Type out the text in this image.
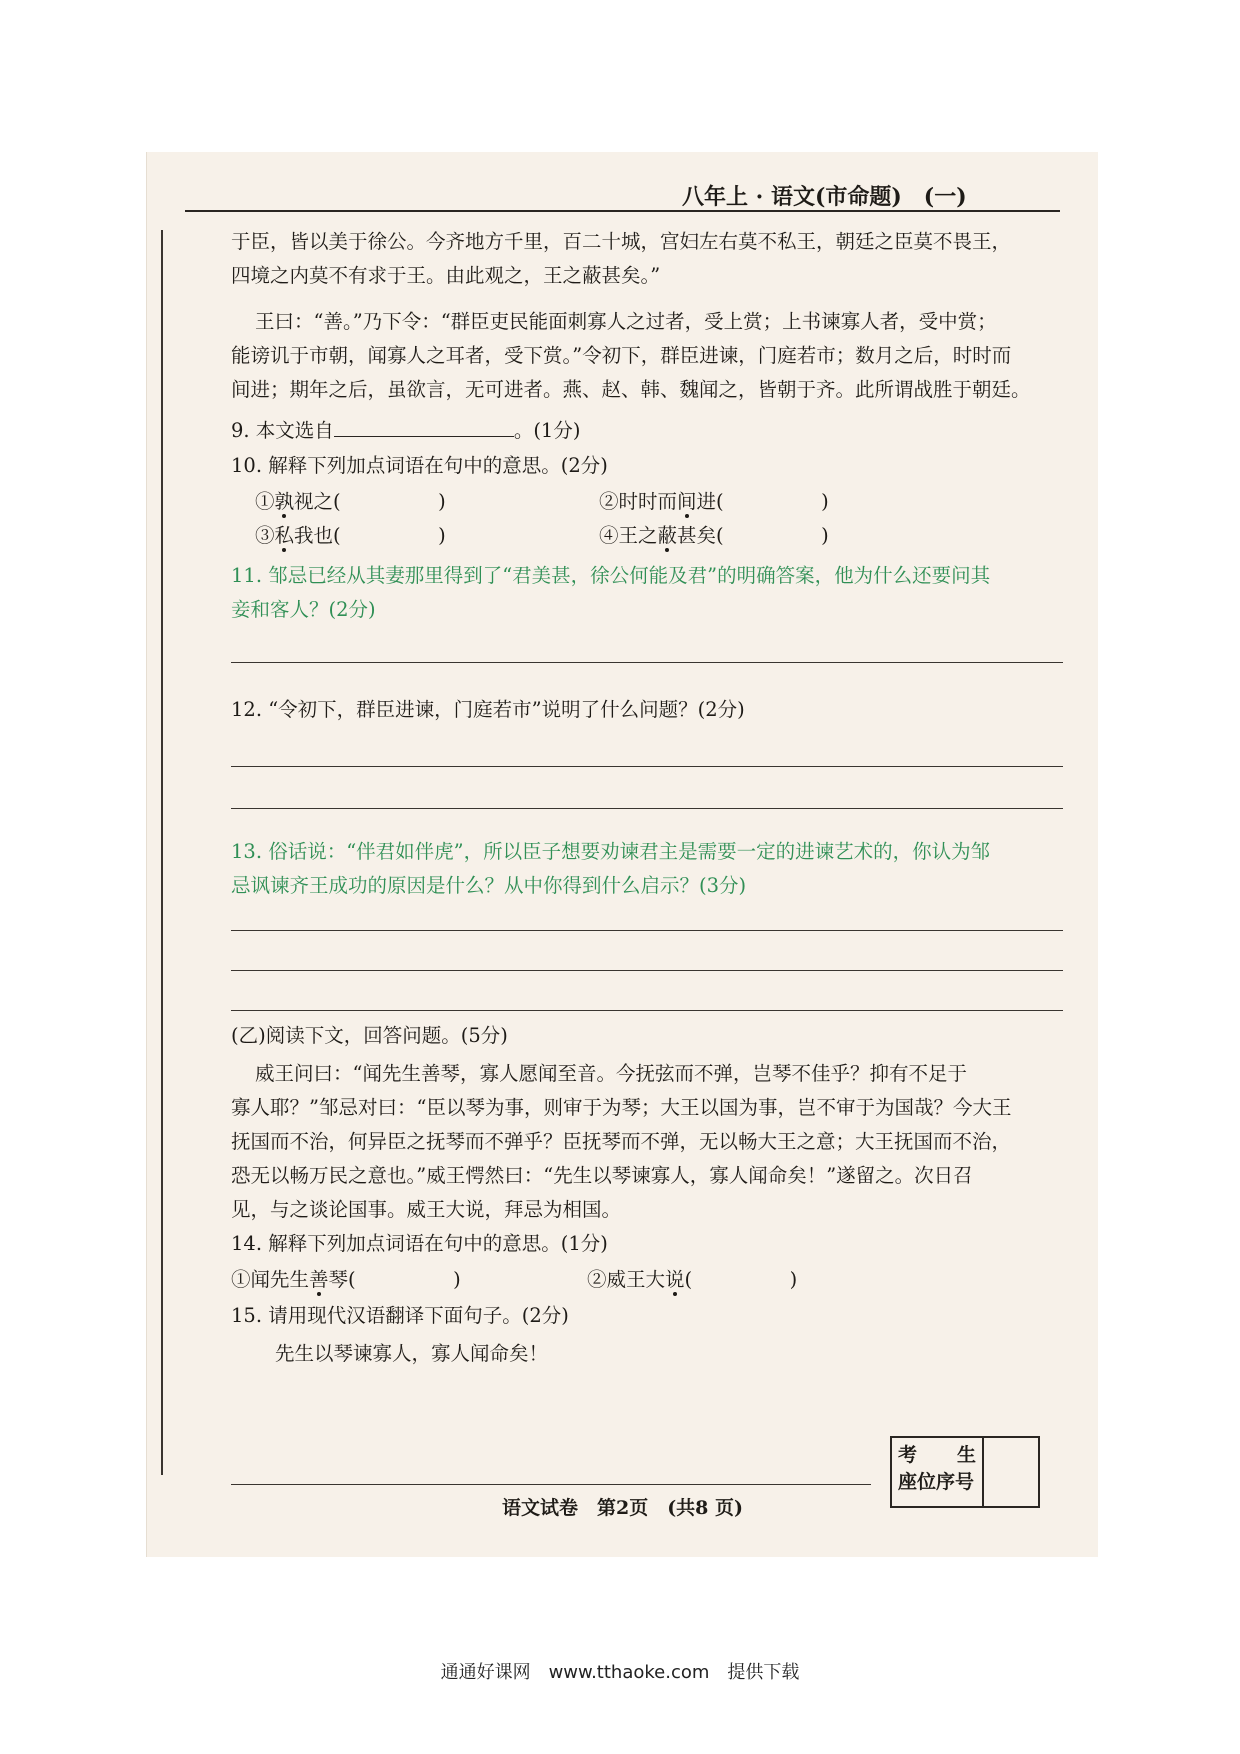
八年上 · 语文(市命题)　(一)
于臣，皆以美于徐公。今齐地方千里，百二十城，宫妇左右莫不私王，朝廷之臣莫不畏王，
四境之内莫不有求于王。由此观之，王之蔽甚矣。”
王曰：“善。”乃下令：“群臣吏民能面刺寡人之过者，受上赏；上书谏寡人者，受中赏；
能谤讥于市朝，闻寡人之耳者，受下赏。”令初下，群臣进谏，门庭若市；数月之后，时时而
间进；期年之后，虽欲言，无可进者。燕、赵、韩、魏闻之，皆朝于齐。此所谓战胜于朝廷。
9. 本文选自	。(1分)
10. 解释下列加点词语在句中的意思。(2分)
①孰视之(　　　　　)	②时时而间进(　　　　　)
③私我也(　　　　　)	④王之蔽甚矣(　　　　　)
11. 邹忌已经从其妻那里得到了“君美甚，徐公何能及君”的明确答案，他为什么还要问其
妾和客人？(2分)
12. “令初下，群臣进谏，门庭若市”说明了什么问题？(2分)
13. 俗话说：“伴君如伴虎”，所以臣子想要劝谏君主是需要一定的进谏艺术的，你认为邹
忌讽谏齐王成功的原因是什么？从中你得到什么启示？(3分)
(乙)阅读下文，回答问题。(5分)
威王问曰：“闻先生善琴，寡人愿闻至音。今抚弦而不弹，岂琴不佳乎？抑有不足于
寡人耶？”邹忌对曰：“臣以琴为事，则审于为琴；大王以国为事，岂不审于为国哉？今大王
抚国而不治，何异臣之抚琴而不弹乎？臣抚琴而不弹，无以畅大王之意；大王抚国而不治，
恐无以畅万民之意也。”威王愕然曰：“先生以琴谏寡人，寡人闻命矣！”遂留之。次日召
见，与之谈论国事。威王大说，拜忌为相国。
14. 解释下列加点词语在句中的意思。(1分)
①闻先生善琴(　　　　　)	②威王大说(　　　　　)
15. 请用现代汉语翻译下面句子。(2分)
先生以琴谏寡人，寡人闻命矣！
考 生
座位序号
语文试卷　第2页　(共8 页)
通通好课网　www.tthaoke.com　提供下载
